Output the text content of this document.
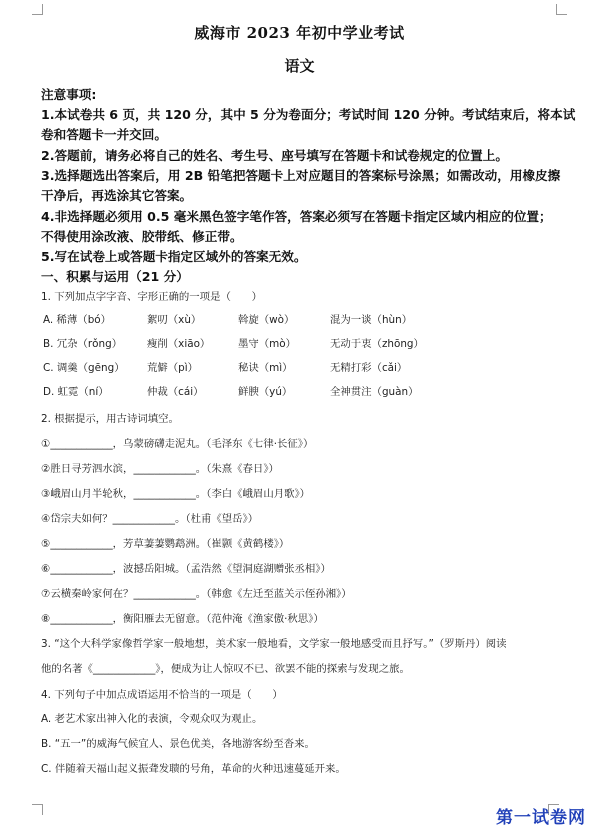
威海市 2023 年初中学业考试
语文
注意事项:
1.本试卷共 6 页，共 120 分，其中 5 分为卷面分；考试时间 120 分钟。考试结束后，将本试
卷和答题卡一并交回。
2.答题前，请务必将自己的姓名、考生号、座号填写在答题卡和试卷规定的位置上。
3.选择题选出答案后，用 2B 铅笔把答题卡上对应题目的答案标号涂黑；如需改动，用橡皮擦
干净后，再选涂其它答案。
4.非选择题必须用 0.5 毫米黑色签字笔作答，答案必须写在答题卡指定区域内相应的位置；
不得使用涂改液、胶带纸、修正带。
5.写在试卷上或答题卡指定区域外的答案无效。
一、积累与运用（21 分）
1. 下列加点字字音、字形正确的一项是（　　）
A. 稀薄（bó）	絮叨（xù）	斡旋（wò）	混为一谈（hùn）
B. 冗杂（rǒng） 瘦削（xiāo）	墨守（mò）	无动于衷（zhōng）
C. 调羹（gēng） 荒僻（pì）	秘诀（mì）	无精打彩（cǎi）
D. 虹霓（ní）	仲裁（cái）	鲜腴（yú）	全神贯注（guàn）
2. 根据提示，用古诗词填空。
①____________，乌蒙磅礴走泥丸。（毛泽东《七律·长征》）
②胜日寻芳泗水滨，____________。（朱熹《春日》）
③峨眉山月半轮秋，____________。（李白《峨眉山月歌》）
④岱宗夫如何？____________。（杜甫《望岳》）
⑤____________，芳草萋萋鹦鹉洲。（崔颢《黄鹤楼》）
⑥____________，波撼岳阳城。（孟浩然《望洞庭湖赠张丞相》）
⑦云横秦岭家何在？____________。（韩愈《左迁至蓝关示侄孙湘》）
⑧____________，衡阳雁去无留意。（范仲淹《渔家傲·秋思》）
3. “这个大科学家像哲学家一般地想，美术家一般地看，文学家一般地感受而且抒写。”（罗斯丹）阅读
他的名著《____________》，便成为让人惊叹不已、欲罢不能的探索与发现之旅。
4. 下列句子中加点成语运用不恰当的一项是（　　）
A. 老艺术家出神入化的表演，令观众叹为观止。
B. “五一”的威海气候宜人、景色优美，各地游客纷至沓来。
C. 伴随着天福山起义振聋发聩的号角，革命的火种迅速蔓延开来。
第一试卷网
